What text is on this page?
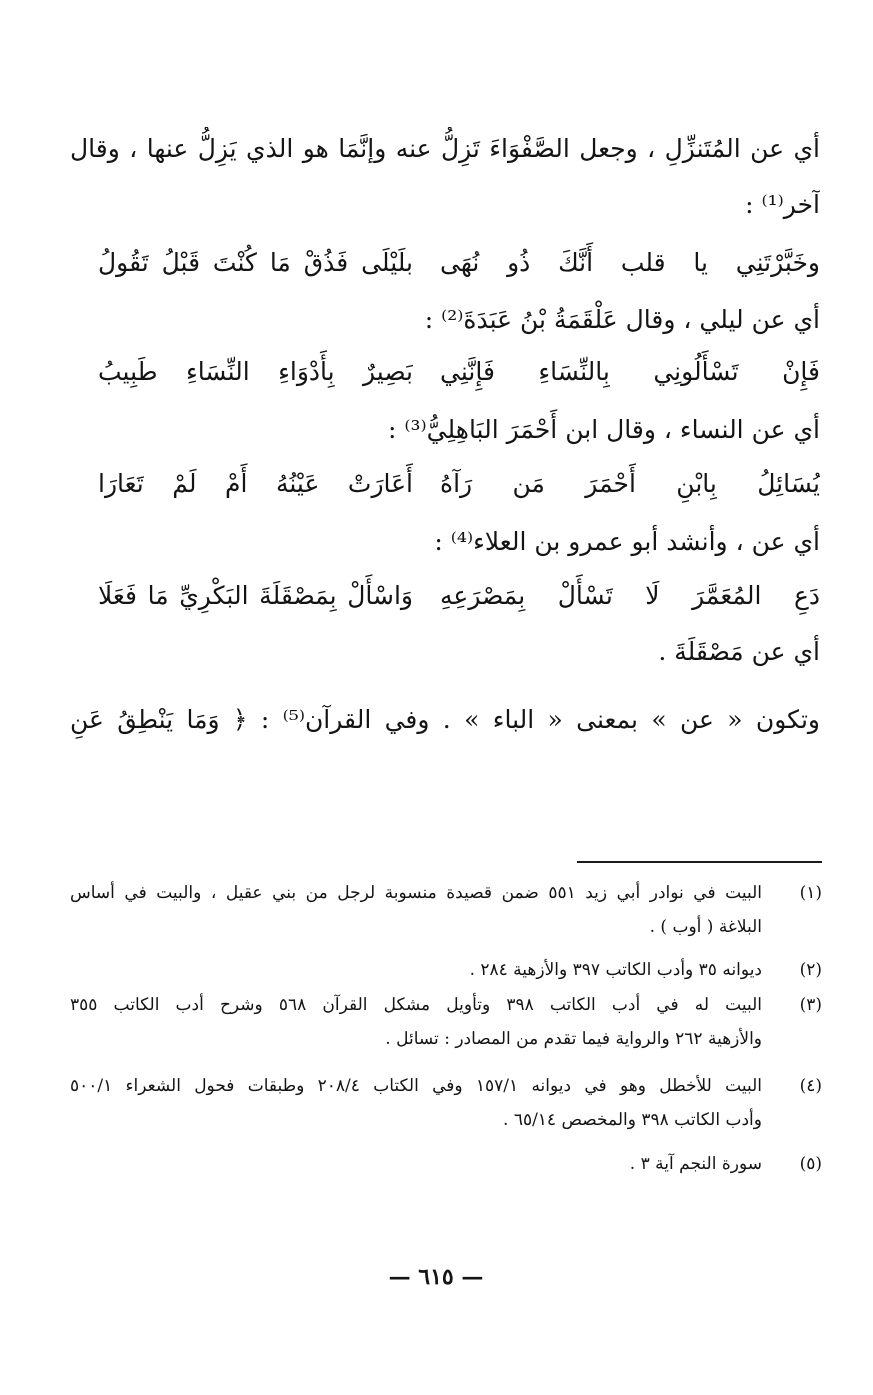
أي عن المُتَنزِّلِ ، وجعل الصَّفْوَاءَ تَزِلُّ عنه وإنَّمَا هو الذي يَزِلُّ عنها ، وقال
آخر⁽¹⁾ :
وخَبَّرْتَنِي يا قلب أَنَّكَ ذُو نُهَى
بلَيْلَى فَذُقْ مَا كُنْتَ قَبْلُ تَقُولُ
أي عن ليلي ، وقال عَلْقَمَةُ بْنُ عَبَدَةَ⁽²⁾ :
فَإِنْ تَسْأَلُونِي بِالنِّسَاءِ فَإِنَّنِي
بَصِيرٌ بِأَدْوَاءِ النِّسَاءِ طَبِيبُ
أي عن النساء ، وقال ابن أَحْمَرَ البَاهِلِيُّ⁽³⁾ :
يُسَائِلُ بِابْنِ أَحْمَرَ مَن رَآهُ
أَعَارَتْ عَيْنُهُ أَمْ لَمْ تَعَارَا
أي عن ، وأنشد أبو عمرو بن العلاء⁽⁴⁾ :
دَعِ المُعَمَّرَ لَا تَسْأَلْ بِمَصْرَعِهِ
وَاسْأَلْ بِمَصْقَلَةَ البَكْرِيِّ مَا فَعَلَا
أي عن مَصْقَلَةَ .
وتكون « عن » بمعنى « الباء » . وفي القرآن⁽⁵⁾ : ﴿ وَمَا يَنْطِقُ عَنِ
(١)
البيت في نوادر أبي زيد ٥٥١ ضمن قصيدة منسوبة لرجل من بني عقيل ، والبيت في أساس
البلاغة ( أوب ) .
(٢)
ديوانه ٣٥ وأدب الكاتب ٣٩٧ والأزهية ٢٨٤ .
(٣)
البيت له في أدب الكاتب ٣٩٨ وتأويل مشكل القرآن ٥٦٨ وشرح أدب الكاتب ٣٥٥
والأزهية ٢٦٢ والرواية فيما تقدم من المصادر : تسائل .
(٤)
البيت للأخطل وهو في ديوانه ١٥٧/١ وفي الكتاب ٢٠٨/٤ وطبقات فحول الشعراء ٥٠٠/١
وأدب الكاتب ٣٩٨ والمخصص ٦٥/١٤ .
(٥)
سورة النجم آية ٣ .
— ٦١٥ —
